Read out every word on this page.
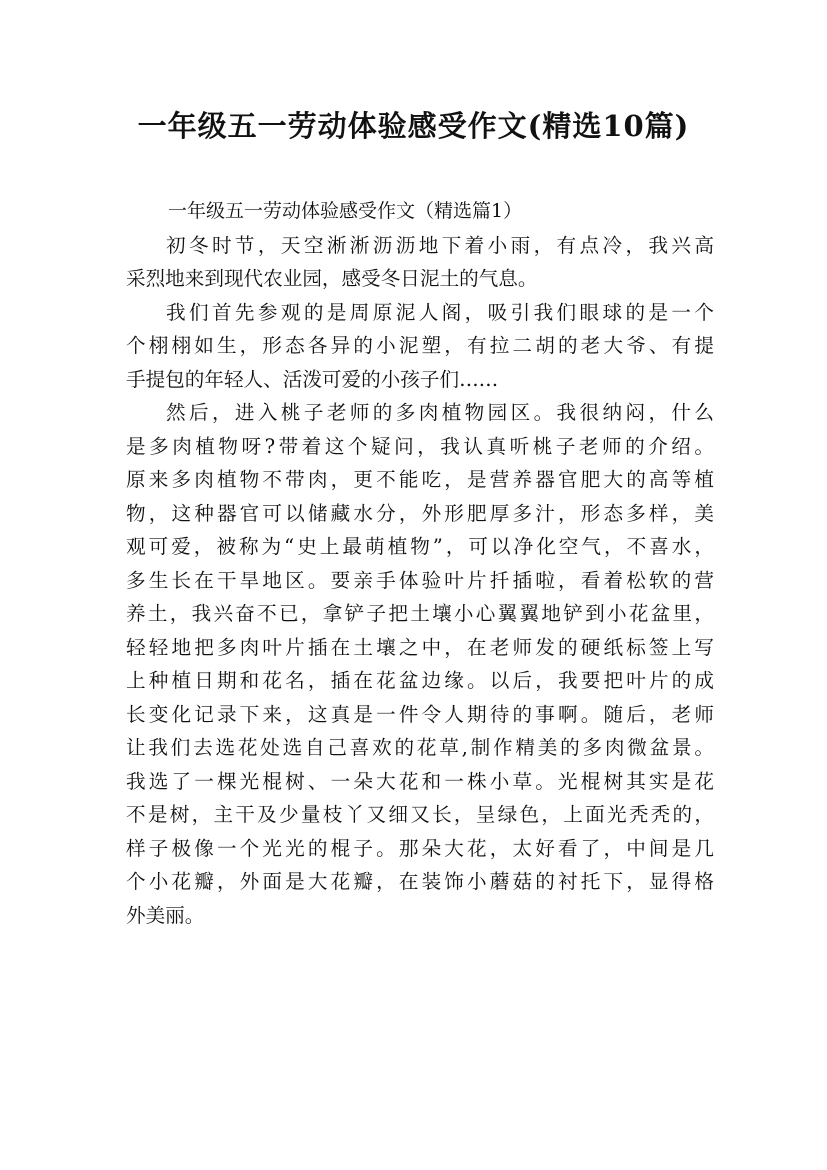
一年级五一劳动体验感受作文(精选10篇)

一年级五一劳动体验感受作文（精选篇1）

初冬时节，天空淅淅沥沥地下着小雨，有点冷，我兴高
采烈地来到现代农业园，感受冬日泥土的气息。

我们首先参观的是周原泥人阁，吸引我们眼球的是一个
个栩栩如生，形态各异的小泥塑，有拉二胡的老大爷、有提
手提包的年轻人、活泼可爱的小孩子们……

然后，进入桃子老师的多肉植物园区。我很纳闷，什么
是多肉植物呀?带着这个疑问，我认真听桃子老师的介绍。
原来多肉植物不带肉，更不能吃，是营养器官肥大的高等植
物，这种器官可以储藏水分，外形肥厚多汁，形态多样，美
观可爱，被称为“史上最萌植物”，可以净化空气，不喜水，
多生长在干旱地区。要亲手体验叶片扦插啦，看着松软的营
养土，我兴奋不已，拿铲子把土壤小心翼翼地铲到小花盆里，
轻轻地把多肉叶片插在土壤之中，在老师发的硬纸标签上写
上种植日期和花名，插在花盆边缘。以后，我要把叶片的成
长变化记录下来，这真是一件令人期待的事啊。随后，老师
让我们去选花处选自己喜欢的花草,制作精美的多肉微盆景。
我选了一棵光棍树、一朵大花和一株小草。光棍树其实是花
不是树，主干及少量枝丫又细又长，呈绿色，上面光秃秃的，
样子极像一个光光的棍子。那朵大花，太好看了，中间是几
个小花瓣，外面是大花瓣，在装饰小蘑菇的衬托下，显得格
外美丽。
